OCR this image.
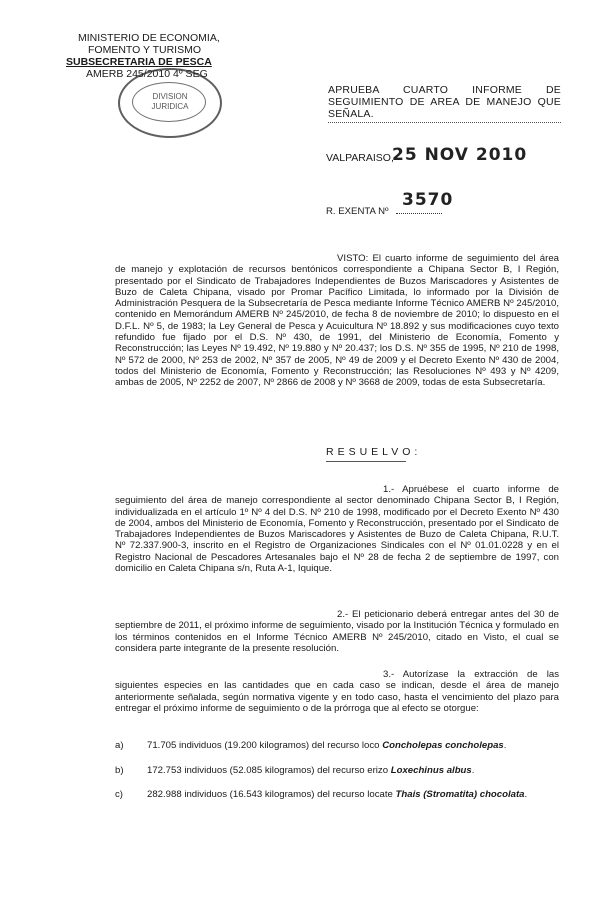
MINISTERIO DE ECONOMIA,
FOMENTO Y TURISMO
SUBSECRETARIA DE PESCA
AMERB 245/2010 4º SEG
DIVISION
JURIDICA
APRUEBA CUARTO INFORME DE
SEGUIMIENTO DE AREA DE MANEJO QUE
SEÑALA.
VALPARAISO,
25 NOV 2010
R. EXENTA Nº
3570
VISTO: El cuarto informe de seguimiento del área de manejo y explotación de recursos bentónicos correspondiente a Chipana Sector B, I Región, presentado por el Sindicato de Trabajadores Independientes de Buzos Mariscadores y Asistentes de Buzo de Caleta Chipana, visado por Promar Pacífico Limitada, lo informado por la División de Administración Pesquera de la Subsecretaría de Pesca mediante Informe Técnico AMERB Nº 245/2010, contenido en Memorándum AMERB Nº 245/2010, de fecha 8 de noviembre de 2010; lo dispuesto en el D.F.L. Nº 5, de 1983; la Ley General de Pesca y Acuicultura Nº 18.892 y sus modificaciones cuyo texto refundido fue fijado por el D.S. Nº 430, de 1991, del Ministerio de Economía, Fomento y Reconstrucción; las Leyes Nº 19.492, Nº 19.880 y Nº 20.437; los D.S. Nº 355 de 1995, Nº 210 de 1998, Nº 572 de 2000, Nº 253 de 2002, Nº 357 de 2005, Nº 49 de 2009 y el Decreto Exento Nº 430 de 2004, todos del Ministerio de Economía, Fomento y Reconstrucción; las Resoluciones Nº 493 y Nº 4209, ambas de 2005, Nº 2252 de 2007, Nº 2866 de 2008 y Nº 3668 de 2009, todas de esta Subsecretaría.
RESUELVO:
1.- Apruébese el cuarto informe de seguimiento del área de manejo correspondiente al sector denominado Chipana Sector B, I Región, individualizada en el artículo 1º Nº 4 del D.S. Nº 210 de 1998, modificado por el Decreto Exento Nº 430 de 2004, ambos del Ministerio de Economía, Fomento y Reconstrucción, presentado por el Sindicato de Trabajadores Independientes de Buzos Mariscadores y Asistentes de Buzo de Caleta Chipana, R.U.T. Nº 72.337.900-3, inscrito en el Registro de Organizaciones Sindicales con el Nº 01.01.0228 y en el Registro Nacional de Pescadores Artesanales bajo el Nº 28 de fecha 2 de septiembre de 1997, con domicilio en Caleta Chipana s/n, Ruta A-1, Iquique.
2.- El peticionario deberá entregar antes del 30 de septiembre de 2011, el próximo informe de seguimiento, visado por la Institución Técnica y formulado en los términos contenidos en el Informe Técnico AMERB Nº 245/2010, citado en Visto, el cual se considera parte integrante de la presente resolución.
3.- Autorízase la extracción de las siguientes especies en las cantidades que en cada caso se indican, desde el área de manejo anteriormente señalada, según normativa vigente y en todo caso, hasta el vencimiento del plazo para entregar el próximo informe de seguimiento o de la prórroga que al efecto se otorgue:
a) 71.705 individuos (19.200 kilogramos) del recurso loco Concholepas concholepas.
b) 172.753 individuos (52.085 kilogramos) del recurso erizo Loxechinus albus.
c)	282.988 individuos (16.543 kilogramos) del recurso locate Thais (Stromatita) chocolata.
